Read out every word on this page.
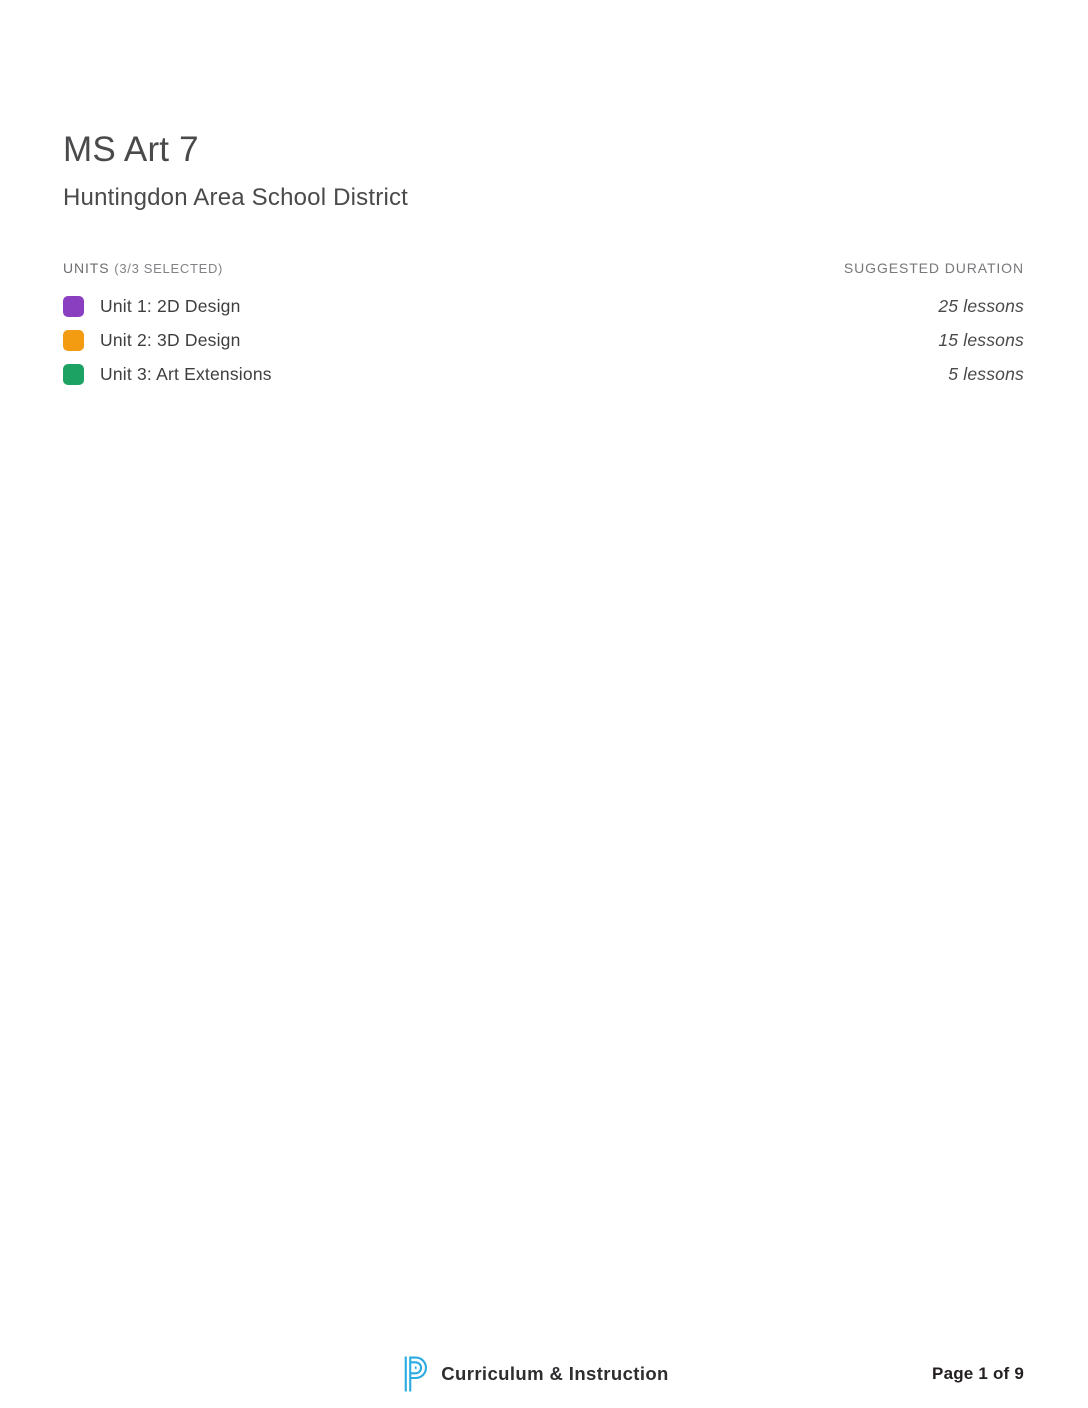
MS Art 7
Huntingdon Area School District
UNITS (3/3 SELECTED)	SUGGESTED DURATION
Unit 1: 2D Design	25 lessons
Unit 2: 3D Design	15 lessons
Unit 3: Art Extensions	5 lessons
Curriculum & Instruction	Page 1 of 9
